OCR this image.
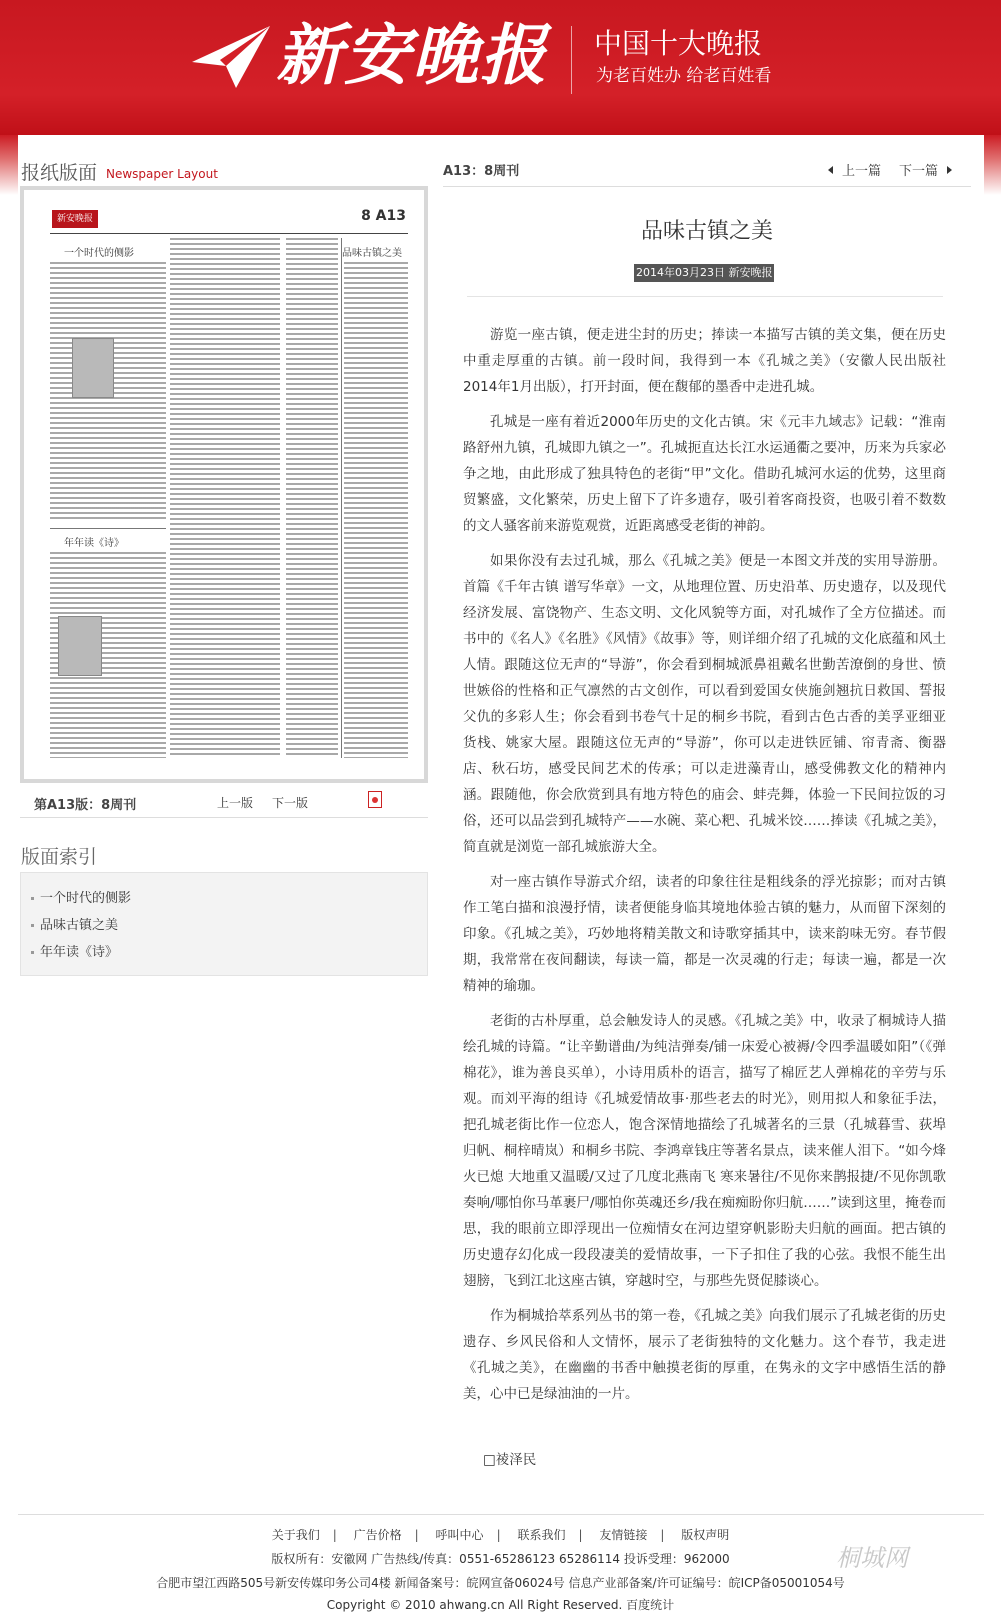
新安晚报 中国十大晚报
为老百姓办 给老百姓看
报纸版面 Newspaper Layout
新安晚报	8 A13
一个时代的侧影	品味古镇之美
年年读《诗》
第A13版：8周刊	上一版 下一版
版面索引
一个时代的侧影
品味古镇之美
年年读《诗》
A13：8周刊	上一篇 下一篇
品味古镇之美
2014年03月23日 新安晚报

游览一座古镇，便走进尘封的历史；捧读一本描写古镇的美文集，便在历史中重走厚重的古镇。前一段时间，我得到一本《孔城之美》（安徽人民出版社2014年1月出版），打开封面，便在馥郁的墨香中走进孔城。

孔城是一座有着近2000年历史的文化古镇。宋《元丰九域志》记载：“淮南路舒州九镇，孔城即九镇之一”。孔城扼直达长江水运通衢之要冲，历来为兵家必争之地，由此形成了独具特色的老街“甲”文化。借助孔城河水运的优势，这里商贸繁盛，文化繁荣，历史上留下了许多遗存，吸引着客商投资，也吸引着不数数的文人骚客前来游览观赏，近距离感受老街的神韵。

如果你没有去过孔城，那么《孔城之美》便是一本图文并茂的实用导游册。首篇《千年古镇 谱写华章》一文，从地理位置、历史沿革、历史遗存，以及现代经济发展、富饶物产、生态文明、文化风貌等方面，对孔城作了全方位描述。而书中的《名人》《名胜》《风情》《故事》等，则详细介绍了孔城的文化底蕴和风土人情。跟随这位无声的“导游”，你会看到桐城派鼻祖戴名世勤苦潦倒的身世、愤世嫉俗的性格和正气凛然的古文创作，可以看到爱国女侠施剑翘抗日救国、誓报父仇的多彩人生；你会看到书卷气十足的桐乡书院，看到古色古香的美孚亚细亚货栈、姚家大屋。跟随这位无声的“导游”，你可以走进铁匠铺、帘青斋、衡器店、秋石坊，感受民间艺术的传承；可以走进藻青山，感受佛教文化的精神内涵。跟随他，你会欣赏到具有地方特色的庙会、蚌壳舞，体验一下民间拉饭的习俗，还可以品尝到孔城特产——水碗、菜心粑、孔城米饺……捧读《孔城之美》，简直就是浏览一部孔城旅游大全。

对一座古镇作导游式介绍，读者的印象往往是粗线条的浮光掠影；而对古镇作工笔白描和浪漫抒情，读者便能身临其境地体验古镇的魅力，从而留下深刻的印象。《孔城之美》，巧妙地将精美散文和诗歌穿插其中，读来韵味无穷。春节假期，我常常在夜间翻读，每读一篇，都是一次灵魂的行走；每读一遍，都是一次精神的瑜珈。

老街的古朴厚重，总会触发诗人的灵感。《孔城之美》中，收录了桐城诗人描绘孔城的诗篇。“让辛勤谱曲/为纯洁弹奏/铺一床爱心被褥/令四季温暖如阳”（《弹棉花》，谁为善良买单），小诗用质朴的语言，描写了棉匠艺人弹棉花的辛劳与乐观。而刘平海的组诗《孔城爱情故事·那些老去的时光》，则用拟人和象征手法，把孔城老街比作一位恋人，饱含深情地描绘了孔城著名的三景（孔城暮雪、荻埠归帆、桐梓晴岚）和桐乡书院、李鸿章钱庄等著名景点，读来催人泪下。“如今烽火已熄 大地重又温暖/又过了几度北燕南飞 寒来暑往/不见你来鹊报捷/不见你凯歌奏响/哪怕你马革裹尸/哪怕你英魂还乡/我在痴痴盼你归航……”读到这里，掩卷而思，我的眼前立即浮现出一位痴情女在河边望穿帆影盼夫归航的画面。把古镇的历史遗存幻化成一段段凄美的爱情故事，一下子扣住了我的心弦。我恨不能生出翅膀，飞到江北这座古镇，穿越时空，与那些先贤促膝谈心。

作为桐城拾萃系列丛书的第一卷，《孔城之美》向我们展示了孔城老街的历史遗存、乡风民俗和人文情怀，展示了老街独特的文化魅力。这个春节，我走进《孔城之美》，在幽幽的书香中触摸老街的厚重，在隽永的文字中感悟生活的静美，心中已是绿油油的一片。

□祾泽民
关于我们 | 广告价格 | 呼叫中心 | 联系我们 | 友情链接 | 版权声明
版权所有：安徽网 广告热线/传真：0551-65286123 65286114 投诉受理：962000
合肥市望江西路505号新安传媒印务公司4楼 新闻备案号：皖网宣备06024号 信息产业部备案/许可证编号：皖ICP备05001054号
Copyright © 2010 ahwang.cn All Right Reserved. 百度统计
桐城网
